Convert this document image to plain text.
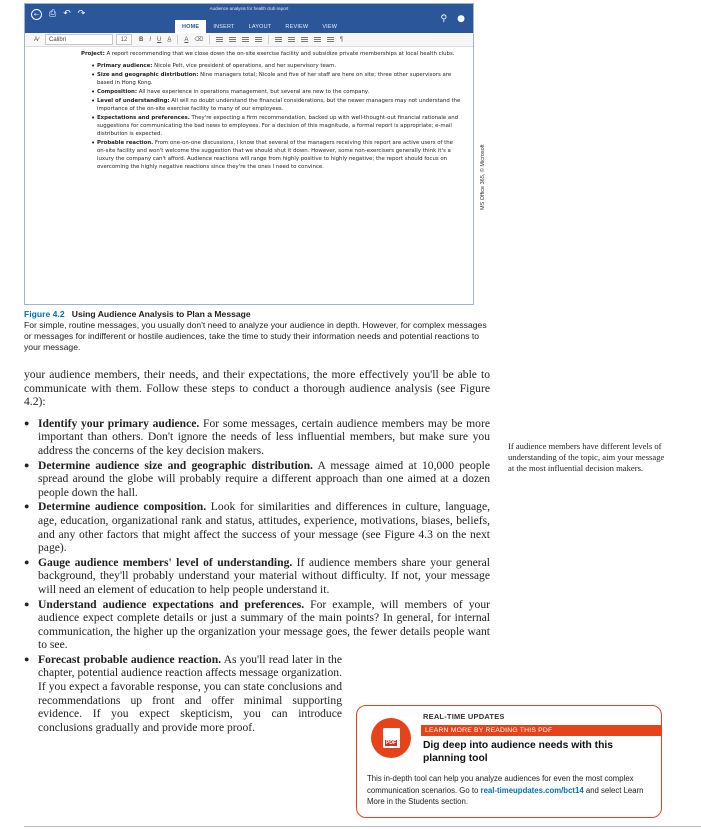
←	⎙ ↶ ↷
Audience analysis for health club report
HOME	INSERT	LAYOUT	REVIEW	VIEW
⚲ ●
A∕	Calibri	12	B	I	U	A̲	A	⌫	¶

Project: A report recommending that we close down the on-site exercise facility and subsidize private memberships at local health clubs.

• Primary audience: Nicole Pelt, vice president of operations, and her supervisory team.
• Size and geographic distribution: Nine managers total; Nicole and five of her staff are here on site; three other supervisors are based in Hong Kong.
• Composition: All have experience in operations management, but several are new to the company.
• Level of understanding: All will no doubt understand the financial considerations, but the newer managers may not understand the importance of the on-site exercise facility to many of our employees.
• Expectations and preferences. They're expecting a firm recommendation, backed up with well-thought-out financial rationale and suggestions for communicating the bad news to employees. For a decision of this magnitude, a formal report is appropriate; e-mail distribution is expected.
• Probable reaction. From one-on-one discussions, I know that several of the managers receiving this report are active users of the on-site facility and won't welcome the suggestion that we should shut it down. However, some non-exercisers generally think it's a luxury the company can't afford. Audience reactions will range from highly positive to highly negative; the report should focus on overcoming the highly negative reactions since they're the ones I need to convince.	MS Office 365, © Microsoft
Figure 4.2 Using Audience Analysis to Plan a Message
For simple, routine messages, you usually don't need to analyze your audience in depth. However, for complex messages or messages for indifferent or hostile audiences, take the time to study their information needs and potential reactions to your message.

your audience members, their needs, and their expectations, the more effectively you'll be able to communicate with them. Follow these steps to conduct a thorough audience analysis (see Figure 4.2):

● Identify your primary audience. For some messages, certain audience members may be more important than others. Don't ignore the needs of less influential members, but make sure you address the concerns of the key decision makers.
● Determine audience size and geographic distribution. A message aimed at 10,000 people spread around the globe will probably require a different approach than one aimed at a dozen people down the hall.
● Determine audience composition. Look for similarities and differences in culture, language, age, education, organizational rank and status, attitudes, experience, motivations, biases, beliefs, and any other factors that might affect the success of your message (see Figure 4.3 on the next page).
● Gauge audience members' level of understanding. If audience members share your general background, they'll probably understand your material without difficulty. If not, your message will need an element of education to help people understand it.
● Understand audience expectations and preferences. For example, will members of your audience expect complete details or just a summary of the main points? In general, for internal communication, the higher up the organization your message goes, the fewer details people want to see.
● Forecast probable audience reaction. As you'll read later in the chapter, potential audience reaction affects message organization. If you expect a favorable response, you can state conclusions and recommendations up front and offer minimal supporting evidence. If you expect skepticism, you can introduce conclusions gradually and provide more proof.
If audience members have different levels of understanding of the topic, aim your message at the most influential decision makers.
PDF
REAL-TIME UPDATES
LEARN MORE BY READING THIS PDF
Dig deep into audience needs with this planning tool
This in-depth tool can help you analyze audiences for even the most complex communication scenarios. Go to real-timeupdates.com/bct14 and select Learn More in the Students section.
